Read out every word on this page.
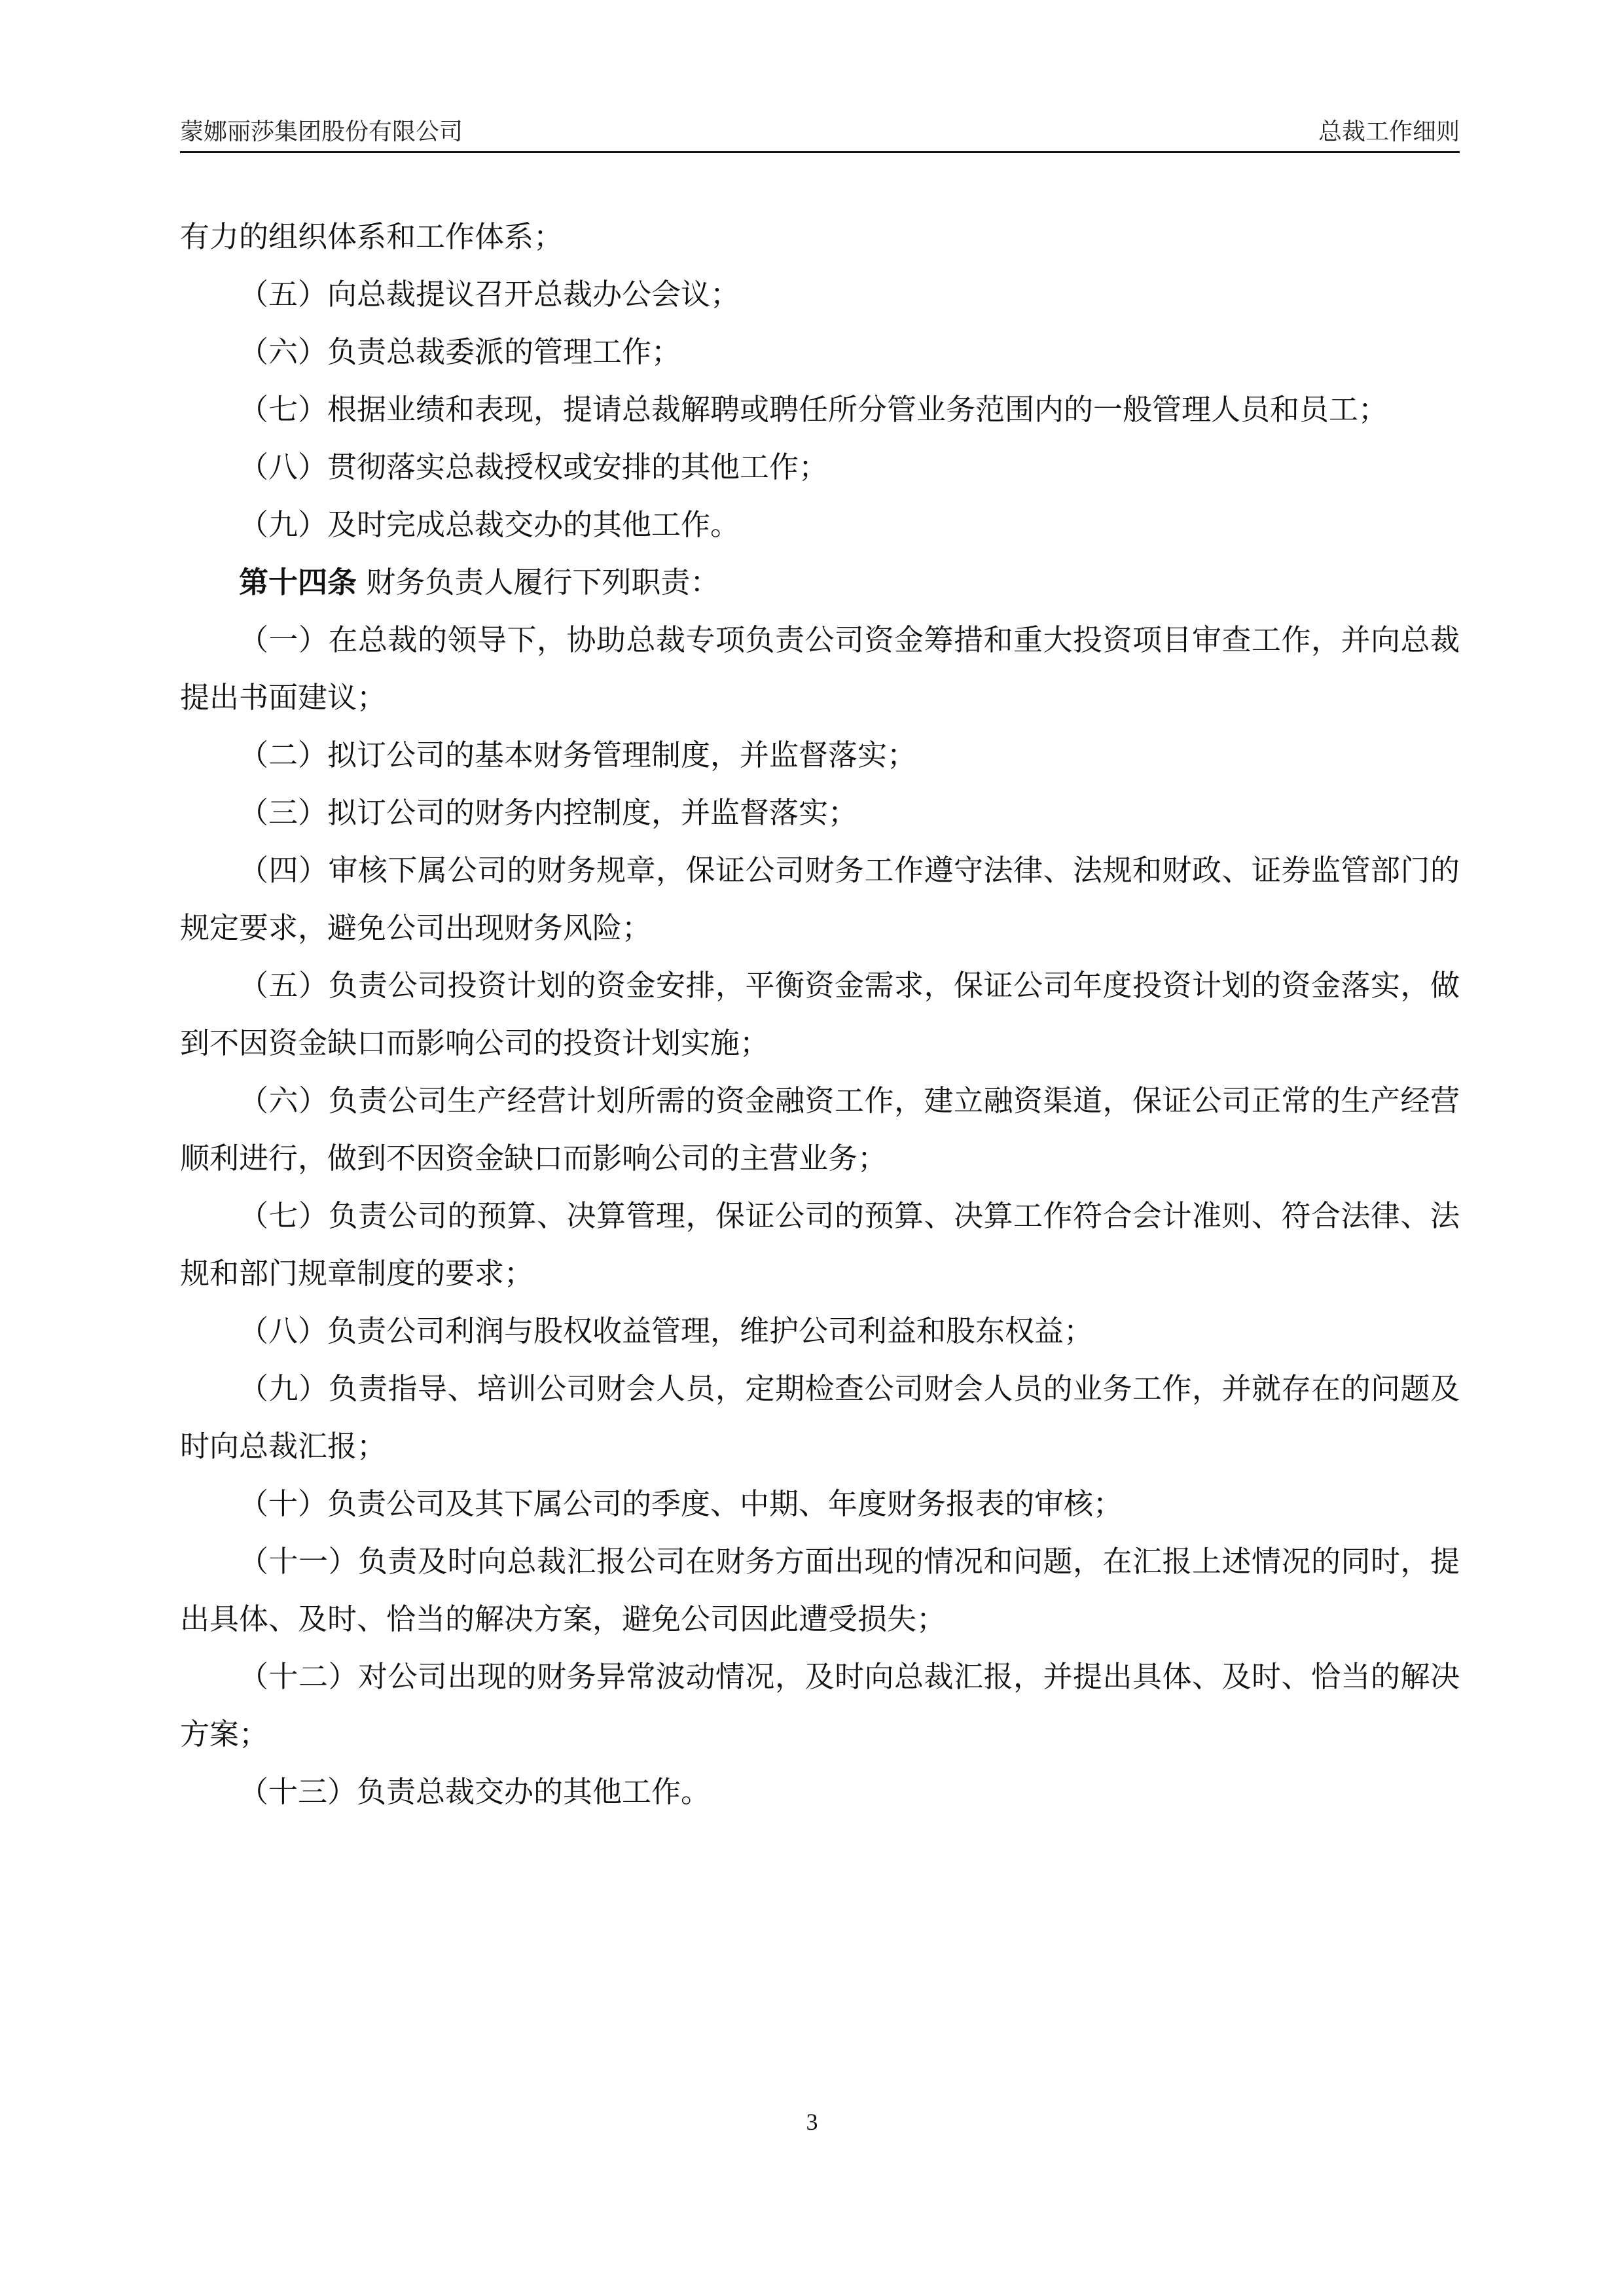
蒙娜丽莎集团股份有限公司	总裁工作细则

有力的组织体系和工作体系；

（五）向总裁提议召开总裁办公会议；

（六）负责总裁委派的管理工作；

（七）根据业绩和表现，提请总裁解聘或聘任所分管业务范围内的一般管理人员和员工；

（八）贯彻落实总裁授权或安排的其他工作；

（九）及时完成总裁交办的其他工作。

第十四条 财务负责人履行下列职责：

（一）在总裁的领导下，协助总裁专项负责公司资金筹措和重大投资项目审查工作，并向总裁提出书面建议；

（二）拟订公司的基本财务管理制度，并监督落实；

（三）拟订公司的财务内控制度，并监督落实；

（四）审核下属公司的财务规章，保证公司财务工作遵守法律、法规和财政、证券监管部门的规定要求，避免公司出现财务风险；

（五）负责公司投资计划的资金安排，平衡资金需求，保证公司年度投资计划的资金落实，做到不因资金缺口而影响公司的投资计划实施；

（六）负责公司生产经营计划所需的资金融资工作，建立融资渠道，保证公司正常的生产经营顺利进行，做到不因资金缺口而影响公司的主营业务；

（七）负责公司的预算、决算管理，保证公司的预算、决算工作符合会计准则、符合法律、法规和部门规章制度的要求；

（八）负责公司利润与股权收益管理，维护公司利益和股东权益；

（九）负责指导、培训公司财会人员，定期检查公司财会人员的业务工作，并就存在的问题及时向总裁汇报；

（十）负责公司及其下属公司的季度、中期、年度财务报表的审核；

（十一）负责及时向总裁汇报公司在财务方面出现的情况和问题，在汇报上述情况的同时，提出具体、及时、恰当的解决方案，避免公司因此遭受损失；

（十二）对公司出现的财务异常波动情况，及时向总裁汇报，并提出具体、及时、恰当的解决方案；

（十三）负责总裁交办的其他工作。

3
